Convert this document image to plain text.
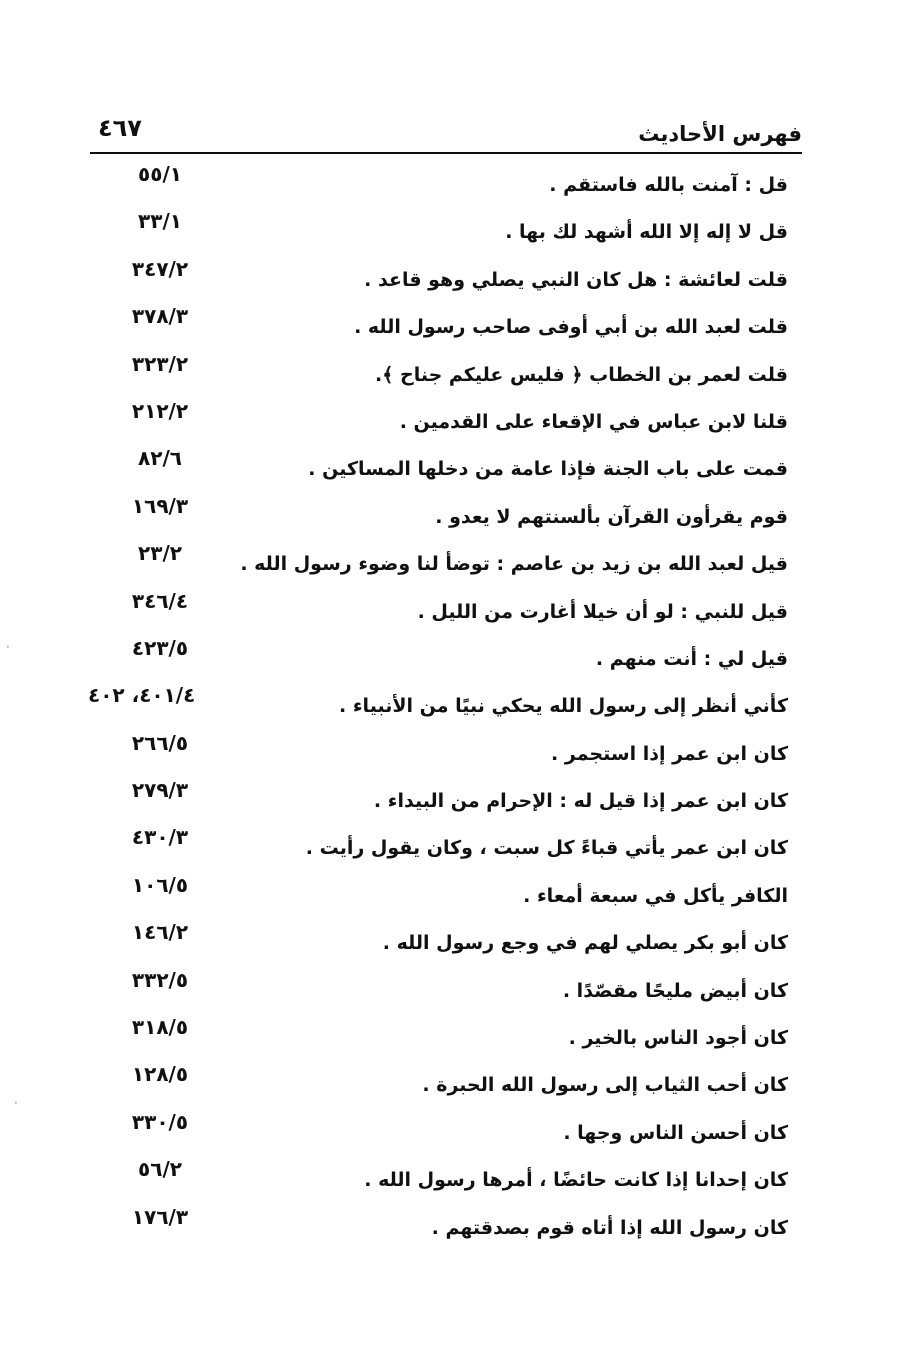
فهرس الأحاديث
٤٦٧
قل : آمنت بالله فاستقم .
٥٥/١
قل لا إله إلا الله أشهد لك بها .
٣٣/١
قلت لعائشة : هل كان النبي يصلي وهو قاعد .
٣٤٧/٢
قلت لعبد الله بن أبي أوفى صاحب رسول الله .
٣٧٨/٣
قلت لعمر بن الخطاب ﴿ فليس عليكم جناح ﴾.
٣٢٣/٢
قلنا لابن عباس في الإقعاء على القدمين .
٢١٢/٢
قمت على باب الجنة فإذا عامة من دخلها المساكين .
٨٢/٦
قوم يقرأون القرآن بألسنتهم لا يعدو .
١٦٩/٣
قيل لعبد الله بن زيد بن عاصم : توضأ لنا وضوء رسول الله .
٢٣/٢
قيل للنبي : لو أن خيلا أغارت من الليل .
٣٤٦/٤
قيل لي : أنت منهم .
٤٢٣/٥
كأني أنظر إلى رسول الله يحكي نبيًا من الأنبياء .
٤٠١/٤، ٤٠٢
كان ابن عمر إذا استجمر .
٢٦٦/٥
كان ابن عمر إذا قيل له : الإحرام من البيداء .
٢٧٩/٣
كان ابن عمر يأتي قباءً كل سبت ، وكان يقول رأيت .
٤٣٠/٣
الكافر يأكل في سبعة أمعاء .
١٠٦/٥
كان أبو بكر يصلي لهم في وجع رسول الله .
١٤٦/٢
كان أبيض مليحًا مقصّدًا .
٣٣٢/٥
كان أجود الناس بالخير .
٣١٨/٥
كان أحب الثياب إلى رسول الله الحبرة .
١٢٨/٥
كان أحسن الناس وجها .
٣٣٠/٥
كان إحدانا إذا كانت حائضًا ، أمرها رسول الله .
٥٦/٢
كان رسول الله إذا أتاه قوم بصدقتهم .
١٧٦/٣
·
·
